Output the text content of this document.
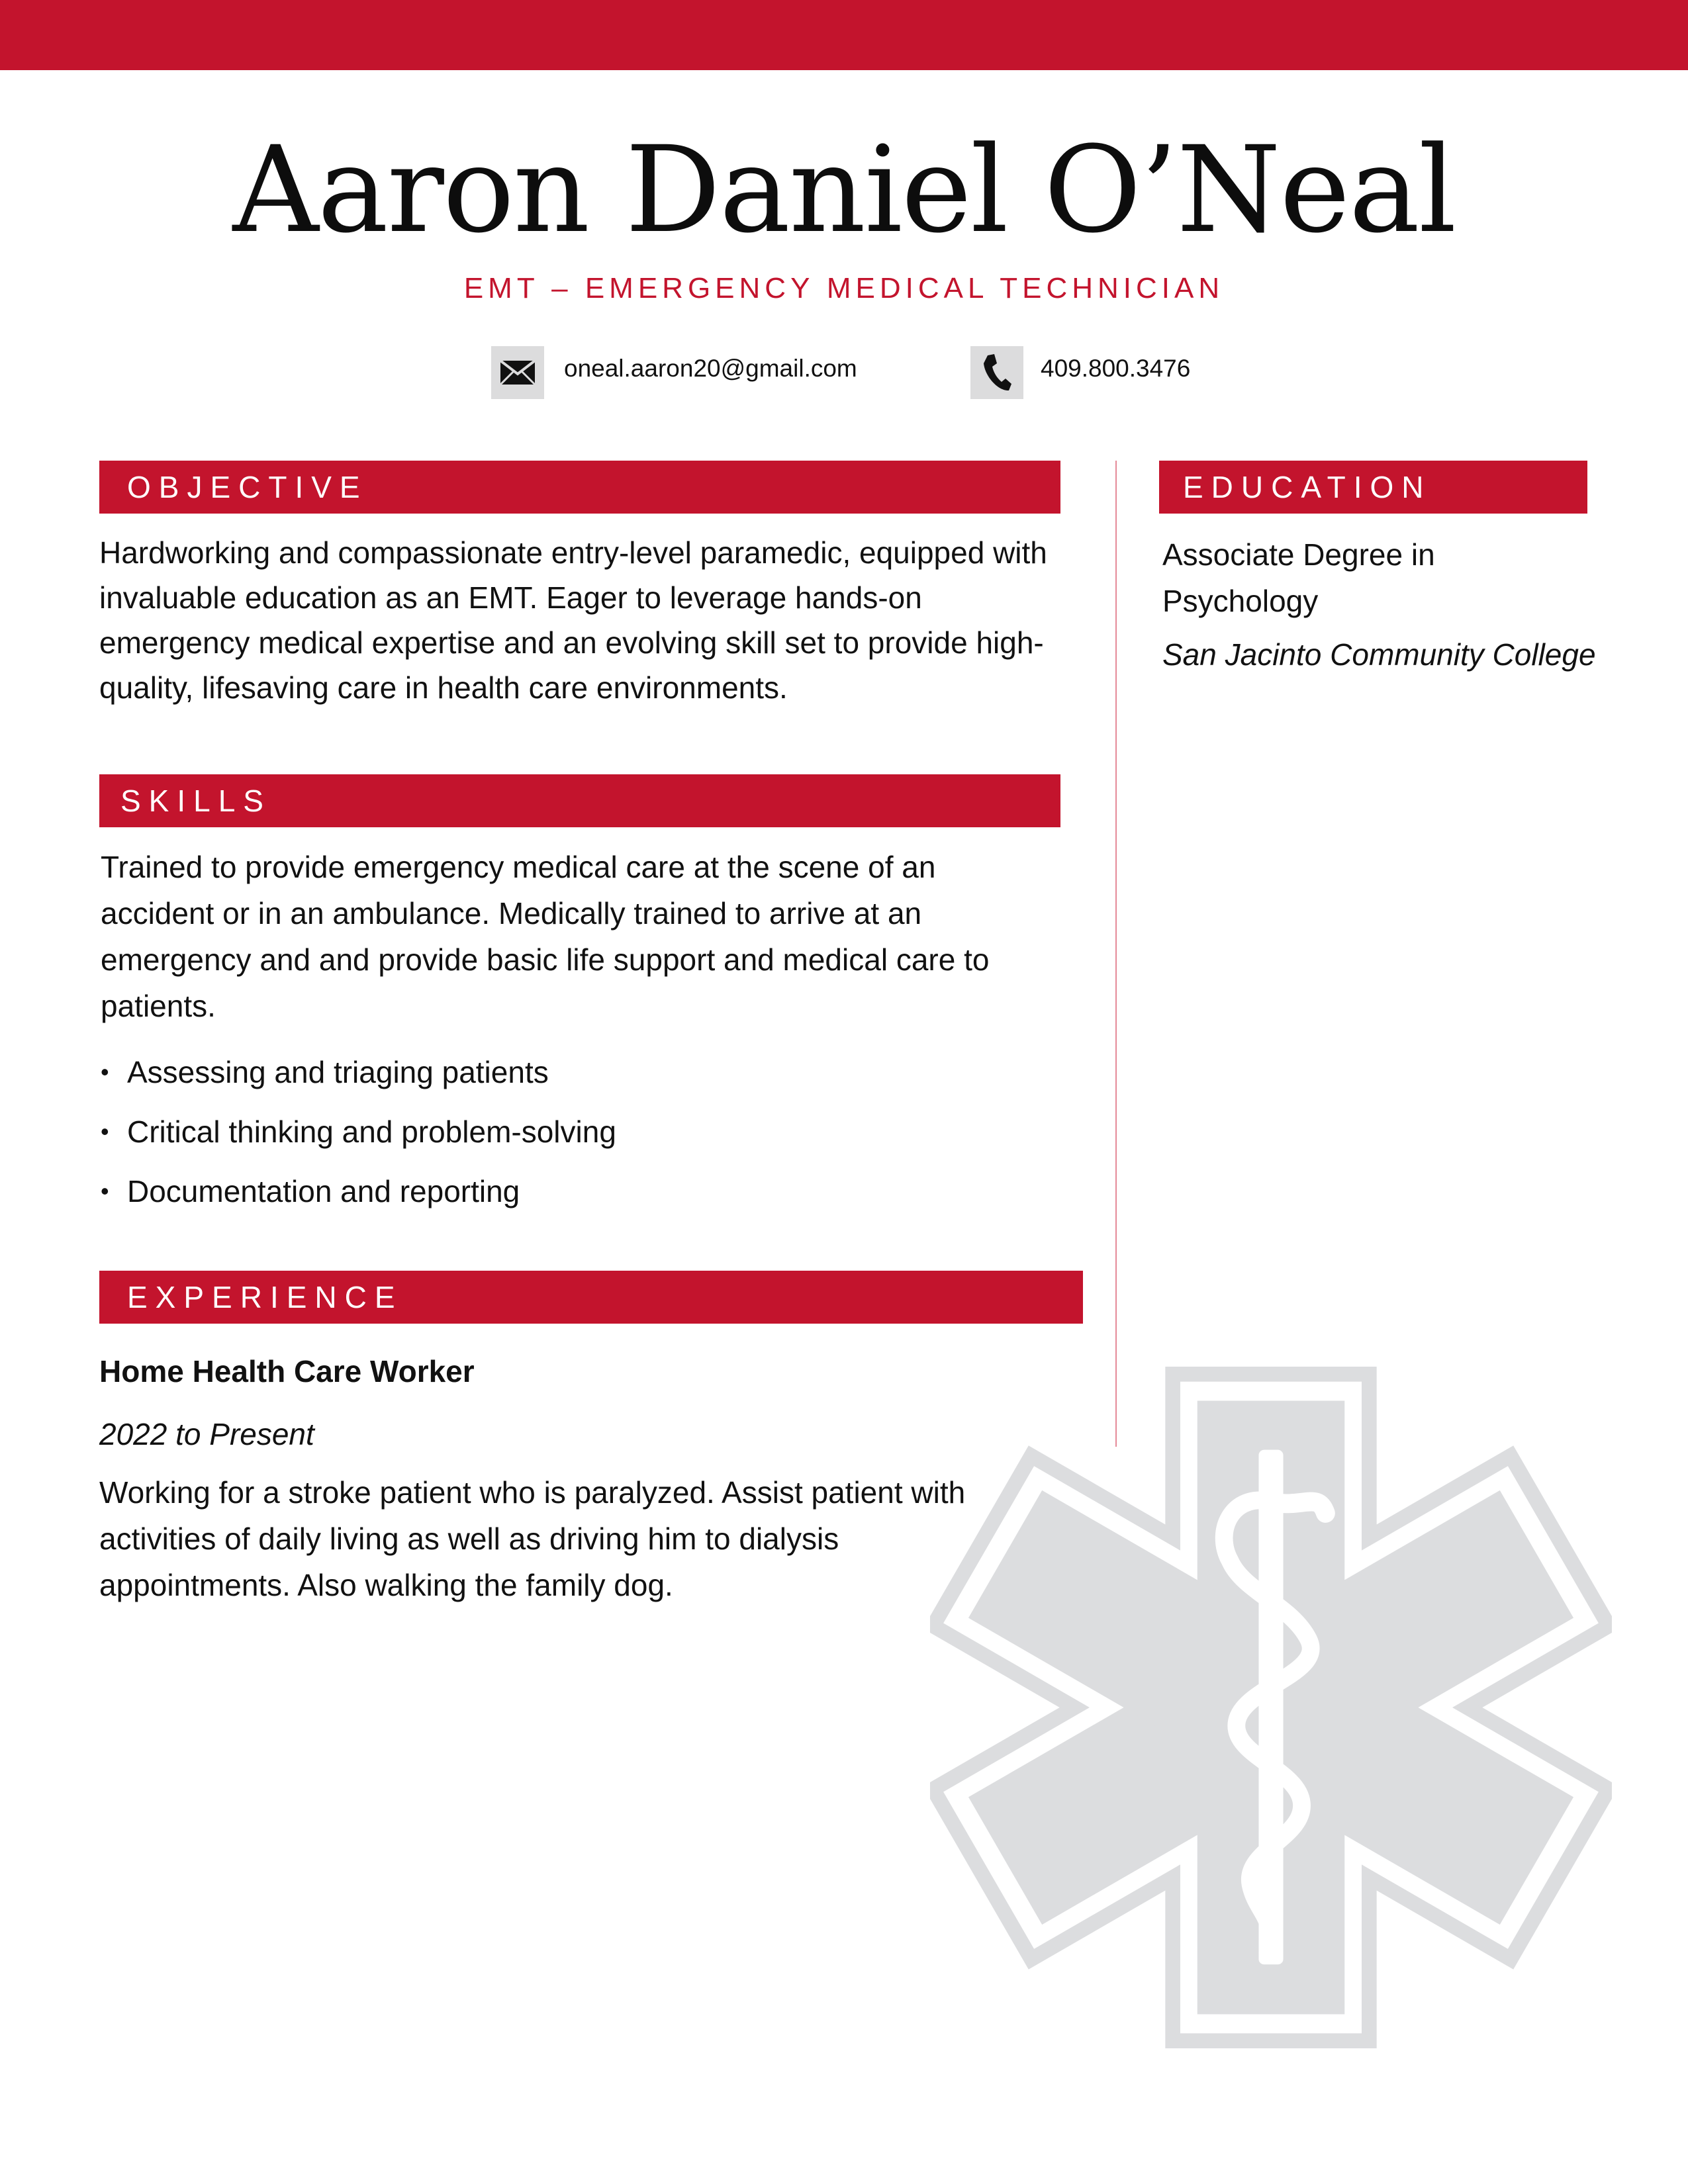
Aaron Daniel O’Neal
EMT – EMERGENCY MEDICAL TECHNICIAN
oneal.aaron20@gmail.com	409.800.3476
OBJECTIVE

Hardworking and compassionate entry-level paramedic, equipped with invaluable education as an EMT. Eager to leverage hands-on emergency medical expertise and an evolving skill set to provide high-quality, lifesaving care in health care environments.

SKILLS

Trained to provide emergency medical care at the scene of an accident or in an ambulance. Medically trained to arrive at an emergency and and provide basic life support and medical care to patients.

• Assessing and triaging patients
• Critical thinking and problem-solving
• Documentation and reporting
EXPERIENCE
Home Health Care Worker
2022 to Present

Working for a stroke patient who is paralyzed. Assist patient with activities of daily living as well as driving him to dialysis appointments. Also walking the family dog.

EDUCATION

Associate Degree in Psychology

San Jacinto Community College
